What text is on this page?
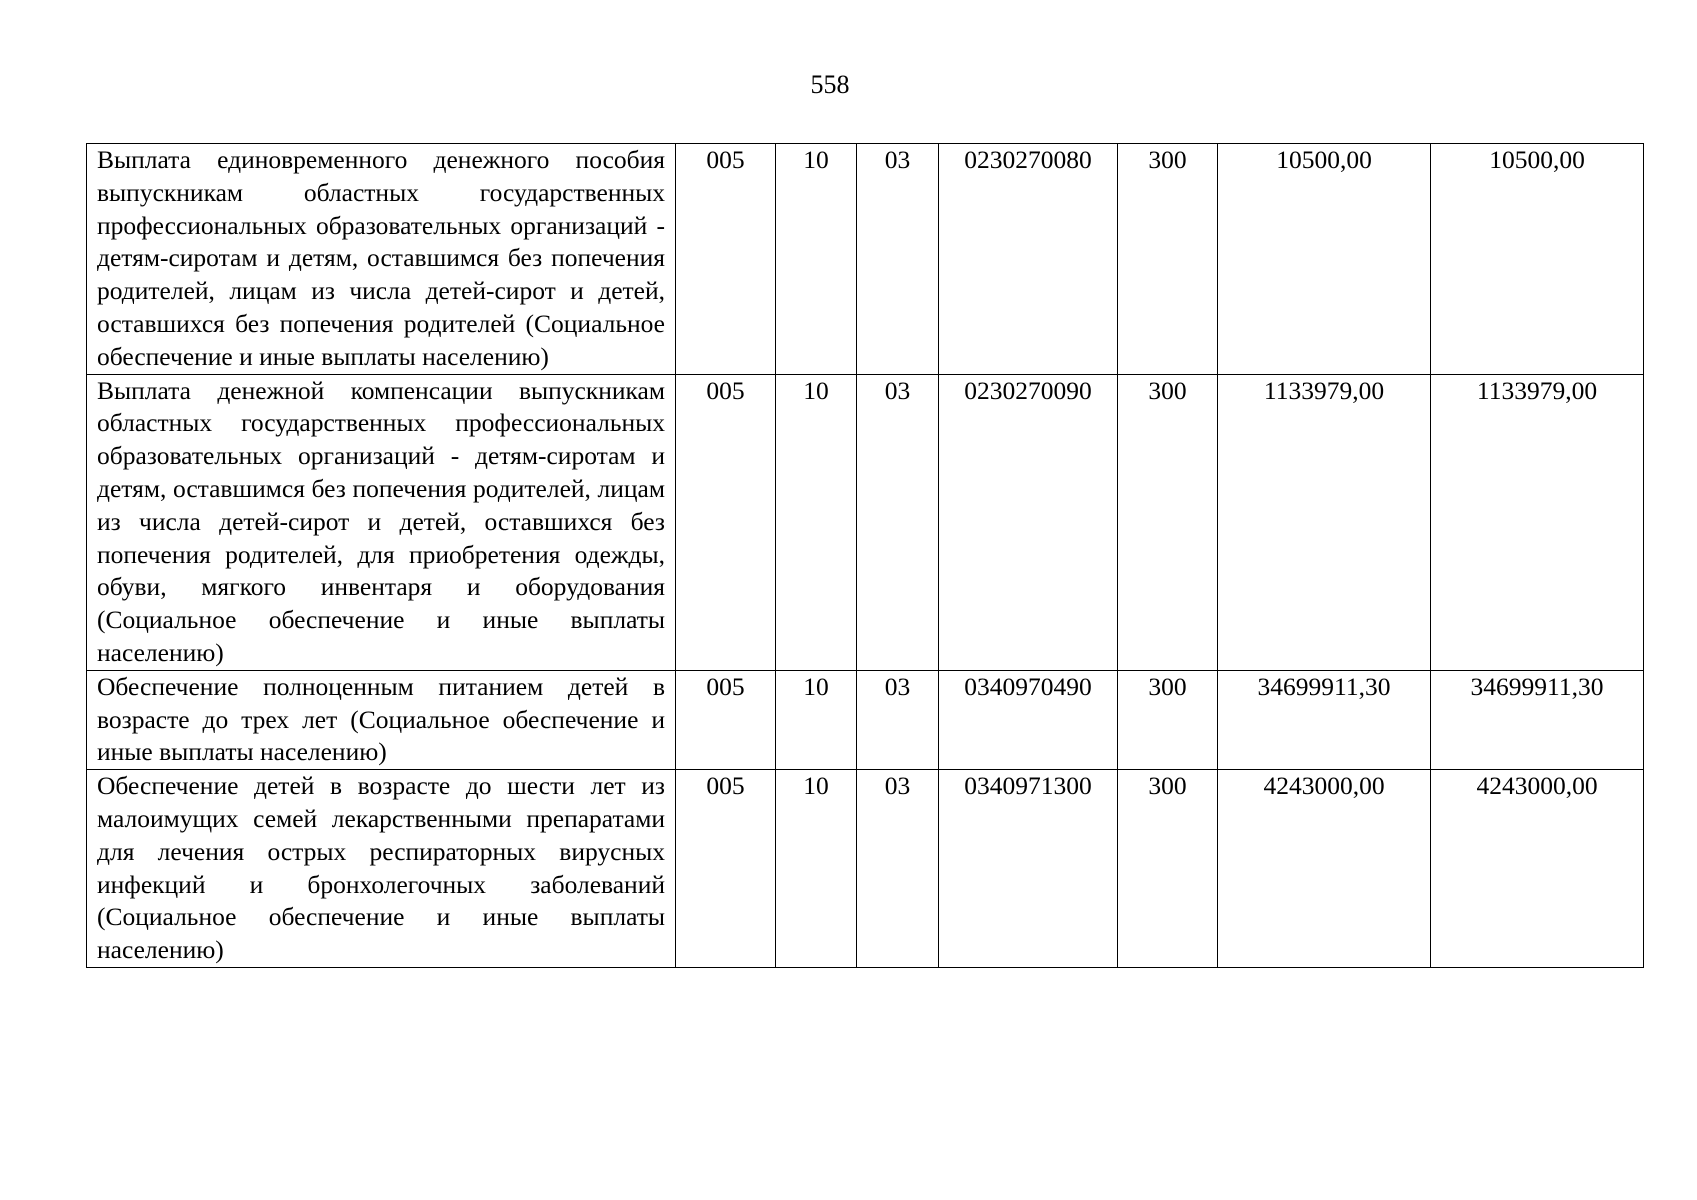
558
Выплата единовременного денежного пособия выпускникам областных государственных профессиональных образовательных организаций - детям-сиротам и детям, оставшимся без попечения родителей, лицам из числа детей-сирот и детей, оставшихся без попечения родителей (Социальное обеспечение и иные выплаты населению)	005	10	03	0230270080	300	10500,00	10500,00
Выплата денежной компенсации выпускникам областных государственных профессиональных образовательных организаций - детям-сиротам и детям, оставшимся без попечения родителей, лицам из числа детей-сирот и детей, оставшихся без попечения родителей, для приобретения одежды, обуви, мягкого инвентаря и оборудования (Социальное обеспечение и иные выплаты населению)	005	10	03	0230270090	300	1133979,00	1133979,00
Обеспечение полноценным питанием детей в возрасте до трех лет (Социальное обеспечение и иные выплаты населению)	005	10	03	0340970490	300	34699911,30	34699911,30
Обеспечение детей в возрасте до шести лет из малоимущих семей лекарственными препаратами для лечения острых респираторных вирусных инфекций и бронхолегочных заболеваний (Социальное обеспечение и иные выплаты населению)	005	10	03	0340971300	300	4243000,00	4243000,00
